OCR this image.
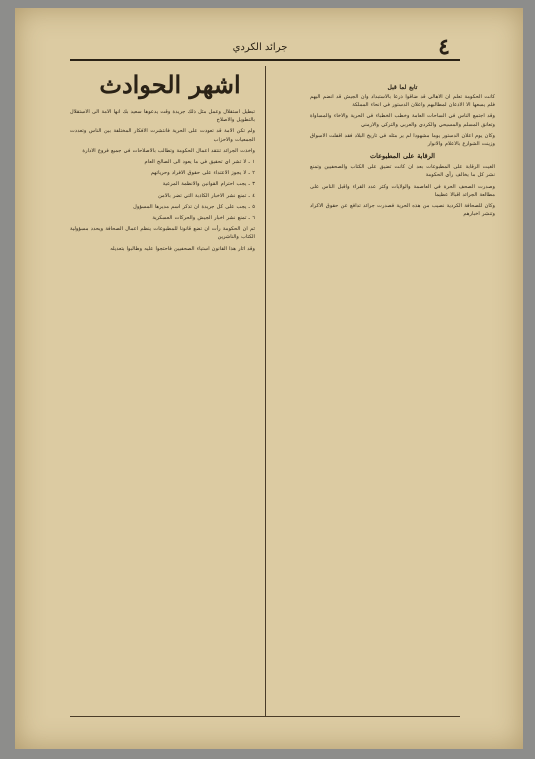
٤
جرائد الكردي
اشهر الحوادث	تابع لما قبل

كانت الحكومة تعلم ان الاهالي قد ضاقوا ذرعا بالاستبداد وان الجيش قد انضم اليهم فلم يسعها الا الاذعان لمطالبهم واعلان الدستور في انحاء المملكة

وقد اجتمع الناس في الساحات العامة وخطب الخطباء في الحرية والاخاء والمساواة وتعانق المسلم والمسيحي والكردي والعربي والتركي والارمني

وكان يوم اعلان الدستور يوما مشهودا لم ير مثله في تاريخ البلاد فقد اقفلت الاسواق وزينت الشوارع بالاعلام والانوار

الرقابة على المطبوعات

الغيت الرقابة على المطبوعات بعد ان كانت تضيق على الكتاب والصحفيين وتمنع نشر كل ما يخالف رأي الحكومة

وصدرت الصحف الحرة في العاصمة والولايات وكثر عدد القراء واقبل الناس على مطالعة الجرائد اقبالا عظيما

وكان للصحافة الكردية نصيب من هذه الحرية فصدرت جرائد تدافع عن حقوق الاكراد وتنشر اخبارهم

تبطيل استقلال وعمل مثل ذلك جريدة وقت يدعوها سعيد بك انها الامة الى الاستقلال بالتطويل والاصلاح

ولم تكن الامة قد تعودت على الحرية فانتشرت الافكار المختلفة بين الناس وتعددت الجمعيات والاحزاب

واخذت الجرائد تنتقد اعمال الحكومة وتطالب بالاصلاحات في جميع فروع الادارة

١ ـ لا تشر اي تحقيق في ما يعود الى الصالح العام

٢ ـ لا يجوز الاعتداء على حقوق الافراد وحرياتهم

٣ ـ يجب احترام القوانين والانظمة المرعية

٤ ـ تمنع نشر الاخبار الكاذبة التي تضر بالامن

٥ ـ يجب على كل جريدة ان تذكر اسم مديرها المسؤول

٦ ـ تمنع نشر اخبار الجيش والحركات العسكرية

ثم ان الحكومة رأت ان تضع قانونا للمطبوعات ينظم اعمال الصحافة ويحدد مسؤولية الكتاب والناشرين

وقد اثار هذا القانون استياء الصحفيين فاحتجوا عليه وطالبوا بتعديله
